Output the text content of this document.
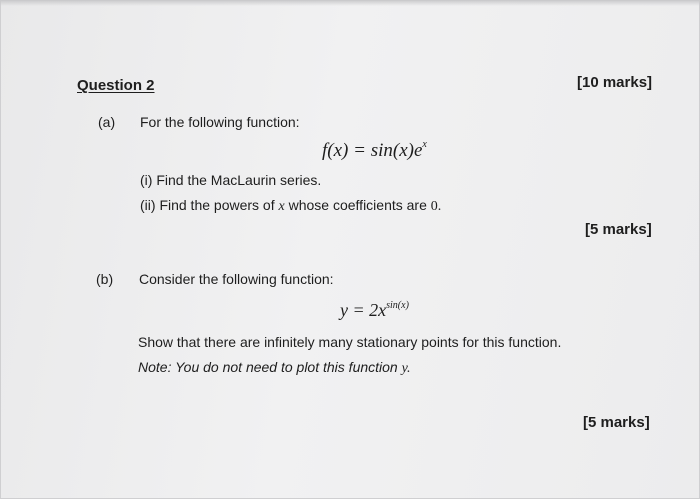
Question 2	[10 marks]
(a) For the following function:
$f(x) = \sin(x)e^x$
(i) Find the MacLaurin series.
(ii) Find the powers of x whose coefficients are 0.
[5 marks]
(b) Consider the following function:
$y = 2x^{sin(x)}$
Show that there are infinitely many stationary points for this function.
Note: You do not need to plot this function y.
[5 marks]
